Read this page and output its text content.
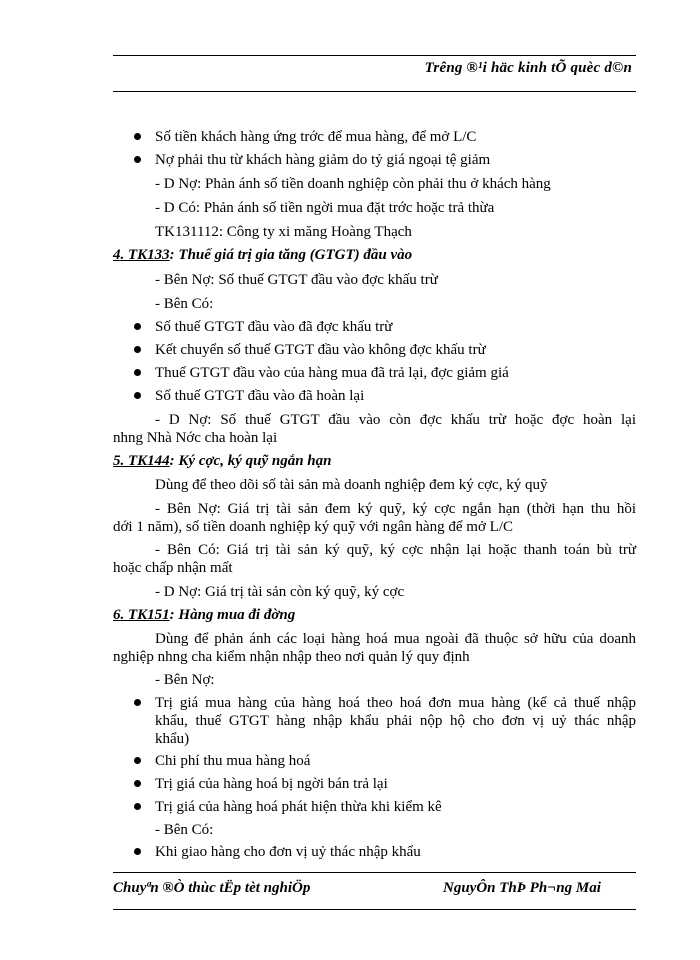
Trêng ®¹i häc kinh tÕ quèc d©n
Số tiền khách hàng ứng trớc để mua hàng, để mở L/C
Nợ phải thu từ khách hàng giảm do tỷ giá ngoại tệ giảm
- D Nợ: Phản ánh số tiền doanh nghiệp còn phải thu ở khách hàng
- D Có: Phản ánh số tiền ngời mua đặt trớc hoặc trả thừa
TK131112: Công ty xi măng Hoàng Thạch
4. TK133: Thuế giá trị gia tăng (GTGT) đầu vào
- Bên Nợ: Số thuế GTGT đầu vào đợc khấu trừ
- Bên Có:
Số thuế GTGT đầu vào đã đợc khấu trừ
Kết chuyển số thuế GTGT đầu vào không đợc khấu trừ
Thuế GTGT đầu vào của hàng mua đã trả lại, đợc giảm giá
Số thuế GTGT đầu vào đã hoàn lại
- D Nợ: Số thuế GTGT đầu vào còn đợc khấu trừ hoặc đợc hoàn lại
nhng Nhà Nớc cha hoàn lại
5. TK144: Ký cợc, ký quỹ ngắn hạn
Dùng để theo dõi số tài sản mà doanh nghiệp đem ký cợc, ký quỹ
- Bên Nợ: Giá trị tài sản đem ký quỹ, ký cợc ngắn hạn (thời hạn thu hồi
dới 1 năm), số tiền doanh nghiệp ký quỹ với ngân hàng để mở L/C
- Bên Có: Giá trị tài sản ký quỹ, ký cợc nhận lại hoặc thanh toán bù trừ
hoặc chấp nhận mất
- D Nợ: Giá trị tài sản còn ký quỹ, ký cợc
6. TK151: Hàng mua đi đờng
Dùng để phản ánh các loại hàng hoá mua ngoài đã thuộc sở hữu của doanh
nghiệp nhng cha kiểm nhận nhập theo nơi quản lý quy định
- Bên Nợ:
Trị giá mua hàng của hàng hoá theo hoá đơn mua hàng (kể cả thuế nhập
khẩu, thuế GTGT hàng nhập khẩu phải nộp hộ cho đơn vị uỷ thác nhập
khẩu)
Chi phí thu mua hàng hoá
Trị giá của hàng hoá bị ngời bán trả lại
Trị giá của hàng hoá phát hiện thừa khi kiểm kê
- Bên Có:
Khi giao hàng cho đơn vị uỷ thác nhập khẩu
Chuyªn ®Ò thùc tËp tèt nghiÖp	NguyÔn ThÞ Ph¬ng Mai
